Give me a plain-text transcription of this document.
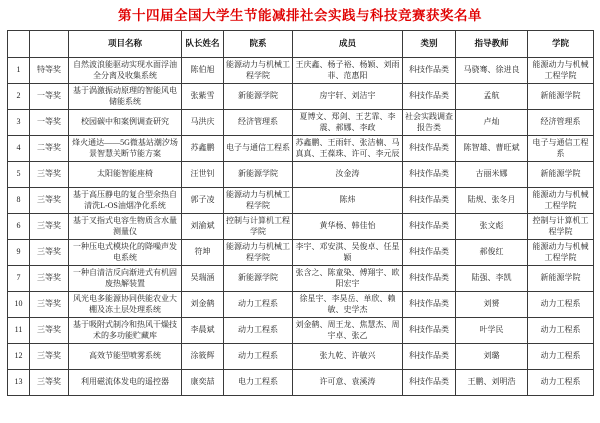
第十四届全国大学生节能减排社会实践与科技竞赛获奖名单
		项目名称	队长姓名	院系	成员	类别	指导教师	学院
1	特等奖	自然波浪能驱动实现水面浮油全分离及收集系统	陈伯旭	能源动力与机械工程学院	王庆鑫、杨子裕、杨颖、刘雨菲、范惠阳	科技作品类	马骁骞、徐进良	能源动力与机械工程学院
2	一等奖	基于涡激振动原理的智能风电储能系统	张紫雪	新能源学院	房宇轩、刘洁宇	科技作品类	孟航	新能源学院
3	一等奖	校园碳中和案例调查研究	马洪庆	经济管理系	夏博文、郑剑、王艺霏、李震、郝娜、李政	社会实践调查报告类	卢灿	经济管理系
4	二等奖	烽火通达——5G微基站潮汐场景智慧关断节能方案	苏鑫鹏	电子与通信工程系	苏鑫鹏、王雨轩、张洁楠、马真真、王葆珠、许可、李元辰	科技作品类	陈智雄、曹旺斌	电子与通信工程系
5	三等奖	太阳能智能座椅	汪世钊	新能源学院	汝金涛	科技作品类	古丽米娜	新能源学院
8	三等奖	基于高压静电的复合型余热自清洗L-OS油烟净化系统	郭子凌	能源动力与机械工程学院	陈炜	科技作品类	陆规、张冬月	能源动力与机械工程学院
6	三等奖	基于叉指式电容生物质含水量测量仪	刘渝斌	控制与计算机工程学院	黄华杨、韩佳怡	科技作品类	张文彪	控制与计算机工程学院
9	三等奖	一种压电式模块化的降噪声发电系统	符坤	能源动力与机械工程学院	李宇、邓安淇、吴俊卓、任星颖	科技作品类	郝俊红	能源动力与机械工程学院
7	三等奖	一种自清洁反向渐进式有机固废热解装置	吴瑞涵	新能源学院	张含之、陈童染、傅翔宇、欧阳宏宇	科技作品类	陆强、李凯	新能源学院
10	三等奖	风光电多能源协同供能农业大棚及冻土层处理系统	刘金鹤	动力工程系	徐星宇、李昊岳、单欣、赖敏、史学杰	科技作品类	刘赟	动力工程系
11	三等奖	基于吸附式制冷和热风干燥技术的多功能贮藏库	李晨斌	动力工程系	刘金鹤、周王龙、焦慧杰、周宇卓、张乙	科技作品类	叶学民	动力工程系
12	三等奖	高效节能型喷雾系统	涂筱辉	动力工程系	张九乾、许敏兴	科技作品类	刘璐	动力工程系
13	三等奖	利用磁流体发电的遥控器	康奕喆	电力工程系	许可意、袁溪涛	科技作品类	王鹏、刘明浩	动力工程系
